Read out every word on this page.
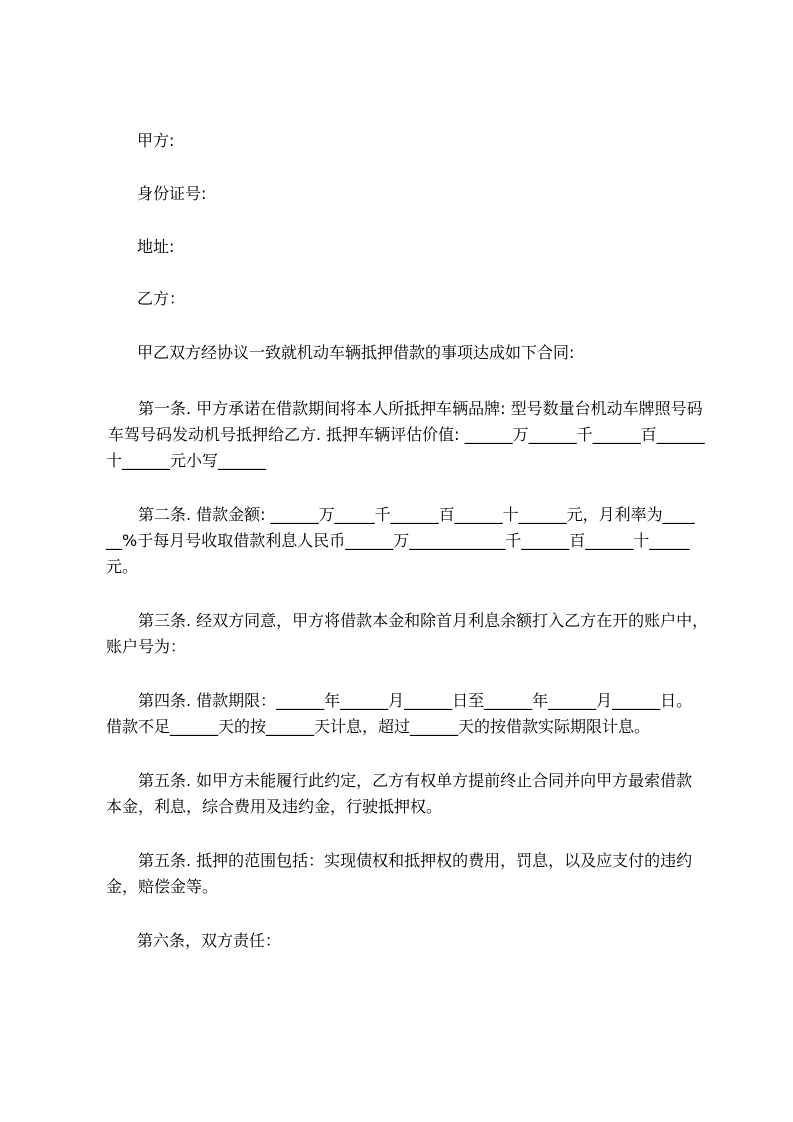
甲方:
身份证号:
地址:
乙方：
甲乙双方经协议一致就机动车辆抵押借款的事项达成如下合同:
第一条. 甲方承诺在借款期间将本人所抵押车辆品牌: 型号数量台机动车牌照号码
车驾号码发动机号抵押给乙方. 抵押车辆评估价值: ______万______千______百______
十______元小写______
第二条. 借款金额: ______万_____千______百______十______元，月利率为____
__%于每月号收取借款利息人民币______万____________千______百______十_____
元。
第三条. 经双方同意，甲方将借款本金和除首月利息余额打入乙方在开的账户中，
账户号为：
第四条. 借款期限：______年______月______日至______年______月______日。
借款不足______天的按______天计息，超过______天的按借款实际期限计息。
第五条. 如甲方未能履行此约定，乙方有权单方提前终止合同并向甲方最索借款
本金，利息，综合费用及违约金，行驶抵押权。
第五条. 抵押的范围包括：实现债权和抵押权的费用，罚息，以及应支付的违约
金，赔偿金等。
第六条，双方责任：
